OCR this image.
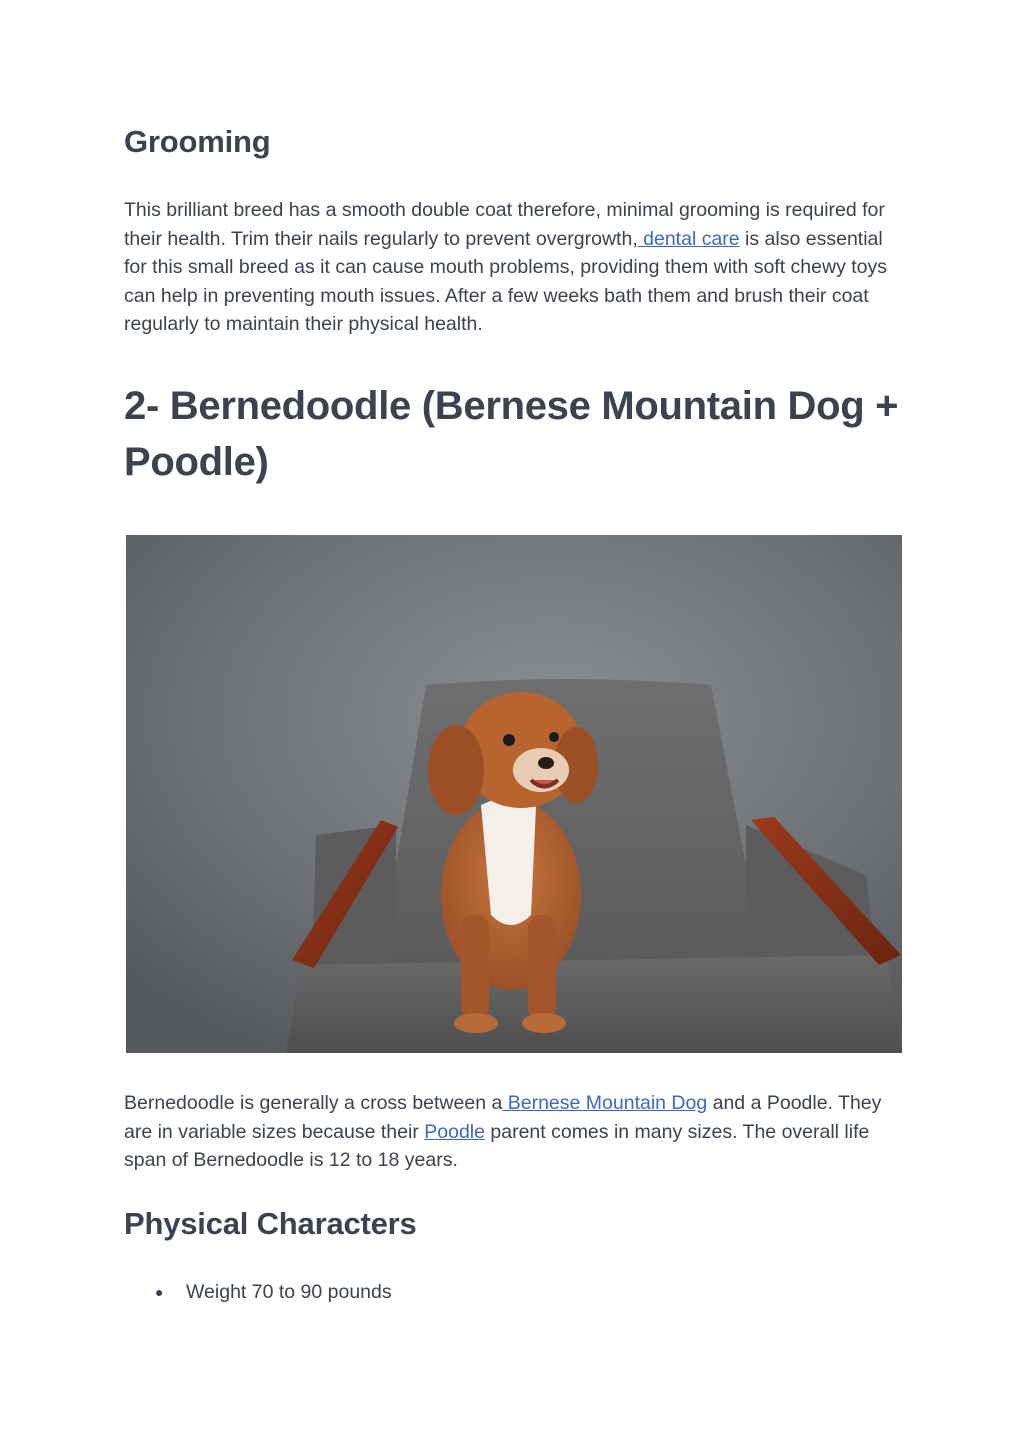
Grooming

This brilliant breed has a smooth double coat therefore, minimal grooming is required for their health. Trim their nails regularly to prevent overgrowth, dental care is also essential for this small breed as it can cause mouth problems, providing them with soft chewy toys can help in preventing mouth issues. After a few weeks bath them and brush their coat regularly to maintain their physical health.

2- Bernedoodle (Bernese Mountain Dog + Poodle)

Bernedoodle is generally a cross between a Bernese Mountain Dog and a Poodle. They are in variable sizes because their Poodle parent comes in many sizes. The overall life span of Bernedoodle is 12 to 18 years.

Physical Characters
● Weight 70 to 90 pounds
